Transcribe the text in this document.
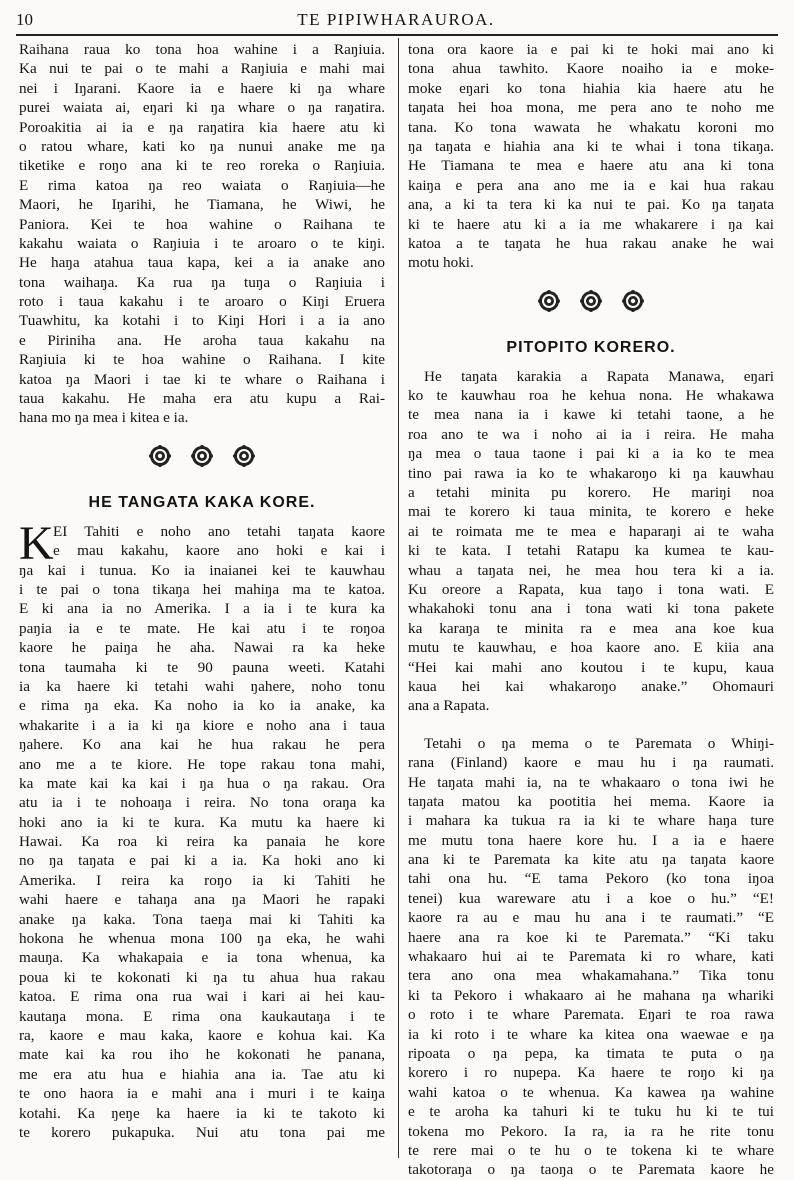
10	TE PIPIWHARAUROA.
Raihana raua ko tona hoa wahine i a Raŋiuia.
Ka nui te pai o te mahi a Raŋiuia e mahi mai
nei i Iŋarani. Kaore ia e haere ki ŋa whare
purei waiata ai, eŋari ki ŋa whare o ŋa raŋatira.
Poroakitia ai ia e ŋa raŋatira kia haere atu ki
o ratou whare, kati ko ŋa nunui anake me ŋa
tiketike e roŋo ana ki te reo roreka o Raŋiuia.
E rima katoa ŋa reo waiata o Raŋiuia—he
Maori, he Iŋarihi, he Tiamana, he Wiwi, he
Paniora. Kei te hoa wahine o Raihana te
kakahu waiata o Raŋiuia i te aroaro o te kiŋi.
He haŋa atahua taua kapa, kei a ia anake ano
tona waihaŋa. Ka rua ŋa tuŋa o Raŋiuia i
roto i taua kakahu i te aroaro o Kiŋi Eruera
Tuawhitu, ka kotahi i to Kiŋi Hori i a ia ano
e Piriniha ana. He aroha taua kakahu na
Raŋiuia ki te hoa wahine o Raihana. I kite
katoa ŋa Maori i tae ki te whare o Raihana i
taua kakahu. He maha era atu kupu a Rai-
hana mo ŋa mea i kitea e ia.
HE TANGATA KAKA KORE.
K EI Tahiti e noho ano tetahi taŋata kaore
e mau kakahu, kaore ano hoki e kai i
ŋa kai i tunua. Ko ia inaianei kei te kauwhau
i te pai o tona tikaŋa hei mahiŋa ma te katoa.
E ki ana ia no Amerika. I a ia i te kura ka
paŋia ia e te mate. He kai atu i te roŋoa
kaore he paiŋa he aha. Nawai ra ka heke
tona taumaha ki te 90 pauna weeti. Katahi
ia ka haere ki tetahi wahi ŋahere, noho tonu
e rima ŋa eka. Ka noho ia ko ia anake, ka
whakarite i a ia ki ŋa kiore e noho ana i taua
ŋahere. Ko ana kai he hua rakau he pera
ano me a te kiore. He tope rakau tona mahi,
ka mate kai ka kai i ŋa hua o ŋa rakau. Ora
atu ia i te nohoaŋa i reira. No tona oraŋa ka
hoki ano ia ki te kura. Ka mutu ka haere ki
Hawai. Ka roa ki reira ka panaia he kore
no ŋa taŋata e pai ki a ia. Ka hoki ano ki
Amerika. I reira ka roŋo ia ki Tahiti he
wahi haere e tahaŋa ana ŋa Maori he rapaki
anake ŋa kaka. Tona taeŋa mai ki Tahiti ka
hokona he whenua mona 100 ŋa eka, he wahi
mauŋa. Ka whakapaia e ia tona whenua, ka
poua ki te kokonati ki ŋa tu ahua hua rakau
katoa. E rima ona rua wai i kari ai hei kau-
kautaŋa mona. E rima ona kaukautaŋa i te
ra, kaore e mau kaka, kaore e kohua kai. Ka
mate kai ka rou iho he kokonati he panana,
me era atu hua e hiahia ana ia. Tae atu ki
te ono haora ia e mahi ana i muri i te kaiŋa
kotahi. Ka ŋeŋe ka haere ia ki te takoto ki
te korero pukapuka. Nui atu tona pai me
tona ora kaore ia e pai ki te hoki mai ano ki
tona ahua tawhito. Kaore noaiho ia e moke-
moke eŋari ko tona hiahia kia haere atu he
taŋata hei hoa mona, me pera ano te noho me
tana. Ko tona wawata he whakatu koroni mo
ŋa taŋata e hiahia ana ki te whai i tona tikaŋa.
He Tiamana te mea e haere atu ana ki tona
kaiŋa e pera ana ano me ia e kai hua rakau
ana, a ki ta tera ki ka nui te pai. Ko ŋa taŋata
ki te haere atu ki a ia me whakarere i ŋa kai
katoa a te taŋata he hua rakau anake he wai
motu hoki.
PITOPITO KORERO.
He taŋata karakia a Rapata Manawa, eŋari
ko te kauwhau roa he kehua nona. He whakawa
te mea nana ia i kawe ki tetahi taone, a he
roa ano te wa i noho ai ia i reira. He maha
ŋa mea o taua taone i pai ki a ia ko te mea
tino pai rawa ia ko te whakaroŋo ki ŋa kauwhau
a tetahi minita pu korero. He mariŋi noa
mai te korero ki taua minita, te korero e heke
ai te roimata me te mea e haparaŋi ai te waha
ki te kata. I tetahi Ratapu ka kumea te kau-
whau a taŋata nei, he mea hou tera ki a ia.
Ku oreore a Rapata, kua taŋo i tona wati. E
whakahoki tonu ana i tona wati ki tona pakete
ka karaŋa te minita ra e mea ana koe kua
mutu te kauwhau, e hoa kaore ano. E kiia ana
“Hei kai mahi ano koutou i te kupu, kaua
kaua hei kai whakaroŋo anake.” Ohomauri
ana a Rapata.
Tetahi o ŋa mema o te Paremata o Whiŋi-
rana (Finland) kaore e mau hu i ŋa raumati.
He taŋata mahi ia, na te whakaaro o tona iwi he
taŋata matou ka pootitia hei mema. Kaore ia
i mahara ka tukua ra ia ki te whare haŋa ture
me mutu tona haere kore hu. I a ia e haere
ana ki te Paremata ka kite atu ŋa taŋata kaore
tahi ona hu. “E tama Pekoro (ko tona iŋoa
tenei) kua wareware atu i a koe o hu.” “E!
kaore ra au e mau hu ana i te raumati.” “E
haere ana ra koe ki te Paremata.” “Ki taku
whakaaro hui ai te Paremata ki ro whare, kati
tera ano ona mea whakamahana.” Tika tonu
ki ta Pekoro i whakaaro ai he mahana ŋa whariki
o roto i te whare Paremata. Eŋari te roa rawa
ia ki roto i te whare ka kitea ona waewae e ŋa
ripoata o ŋa pepa, ka timata te puta o ŋa
korero i ro nupepa. Ka haere te roŋo ki ŋa
wahi katoa o te whenua. Ka kawea ŋa wahine
e te aroha ka tahuri ki te tuku hu ki te tui
tokena mo Pekoro. Ia ra, ia ra he rite tonu
te rere mai o te hu o te tokena ki te whare
takotoraŋa o ŋa taoŋa o te Paremata kaore he
